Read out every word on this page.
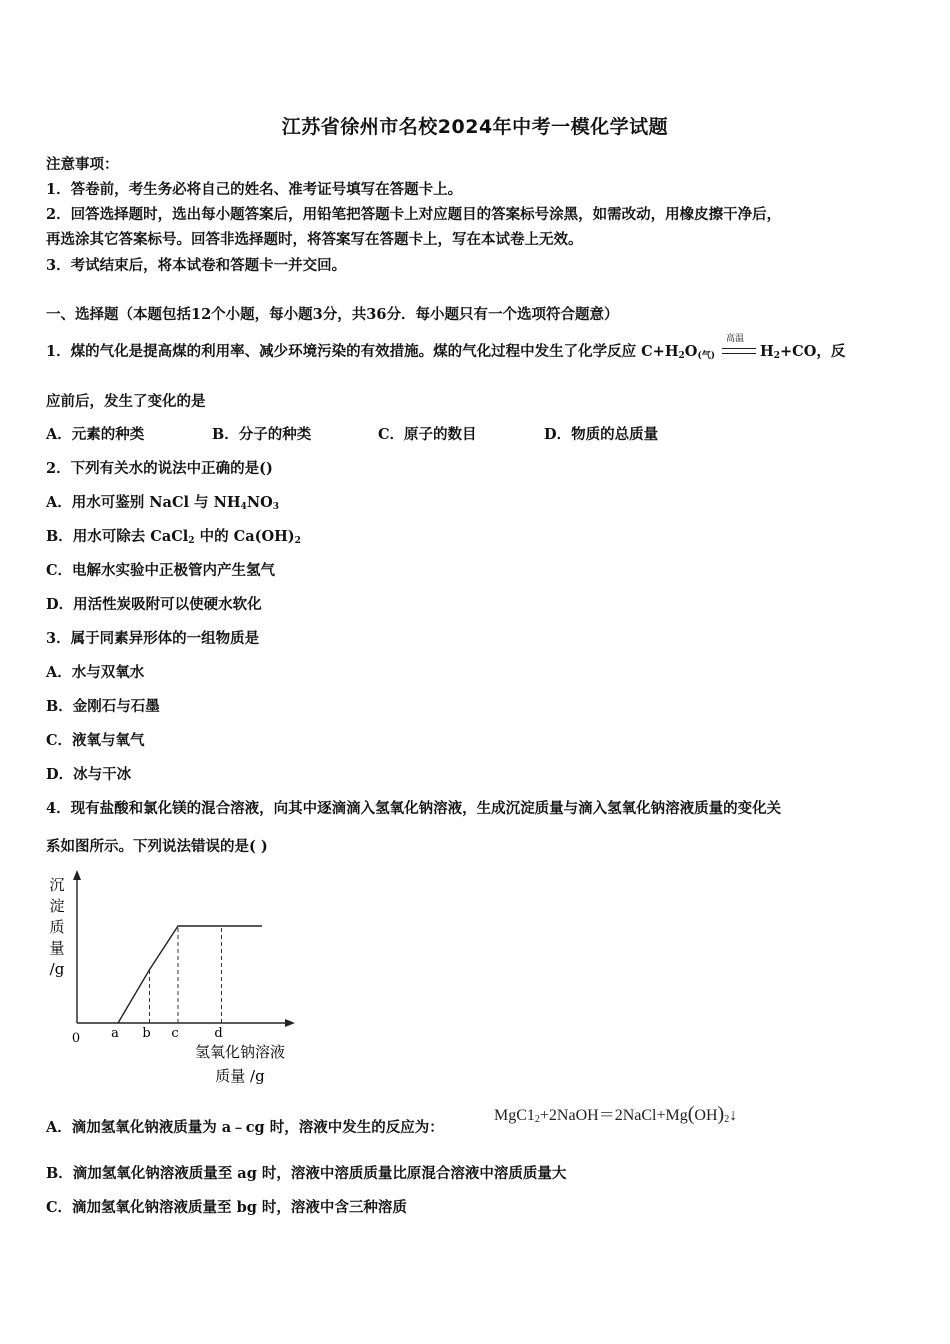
江苏省徐州市名校2024年中考一模化学试题
注意事项：
1．答卷前，考生务必将自己的姓名、准考证号填写在答题卡上。
2．回答选择题时，选出每小题答案后，用铅笔把答题卡上对应题目的答案标号涂黑，如需改动，用橡皮擦干净后，
再选涂其它答案标号。回答非选择题时，将答案写在答题卡上，写在本试卷上无效。
3．考试结束后，将本试卷和答题卡一并交回。
一、选择题（本题包括12个小题，每小题3分，共36分．每小题只有一个选项符合题意）
1．煤的气化是提高煤的利用率、减少环境污染的有效措施。煤的气化过程中发生了化学反应 $C+H_2O_{(气)}$
高温
$H_2+CO$，反
应前后，发生了变化的是
A．元素的种类	B．分子的种类	C．原子的数目	D．物质的总质量
2．下列有关水的说法中正确的是()
A．用水可鉴别 NaCl 与 $NH_4NO_3$
B．用水可除去 CaCl$_2$ 中的 $Ca(OH)_2$
C．电解水实验中正极管内产生氢气
D．用活性炭吸附可以使硬水软化
3．属于同素异形体的一组物质是
A．水与双氧水
B．金刚石与石墨
C．液氧与氧气
D．冰与干冰
4．现有盐酸和氯化镁的混合溶液，向其中逐滴滴入氢氧化钠溶液，生成沉淀质量与滴入氢氧化钠溶液质量的变化关
系如图所示。下列说法错误的是( )
沉
淀
质
量
/g
0 a b c	d
氢氧化钠溶液
质量 /g
A．滴加氢氧化钠液质量为 a﹣cg 时，溶液中发生的反应为：
$MgC1_2+2NaOH=2NaCl+Mg(OH)_2↓$
B．滴加氢氧化钠溶液质量至 ag 时，溶液中溶质质量比原混合溶液中溶质质量大
C．滴加氢氧化钠溶液质量至 bg 时，溶液中含三种溶质
